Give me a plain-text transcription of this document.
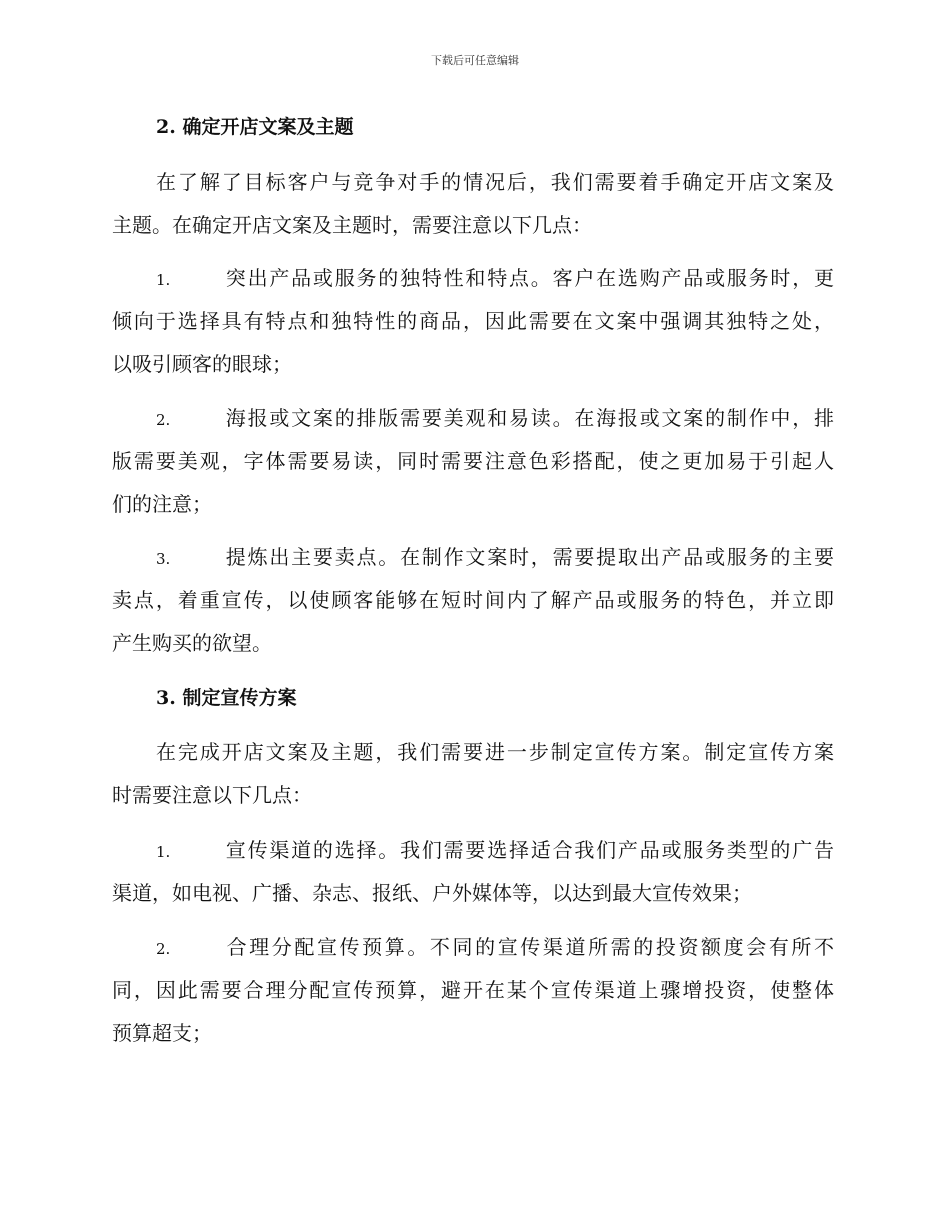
下载后可任意编辑
2. 确定开店文案及主题
在了解了目标客户与竞争对手的情况后，我们需要着手确定开店文案及
主题。在确定开店文案及主题时，需要注意以下几点：
1.	突出产品或服务的独特性和特点。客户在选购产品或服务时，更
倾向于选择具有特点和独特性的商品，因此需要在文案中强调其独特之处，
以吸引顾客的眼球；
2.	海报或文案的排版需要美观和易读。在海报或文案的制作中，排
版需要美观，字体需要易读，同时需要注意色彩搭配，使之更加易于引起人
们的注意；
3.	提炼出主要卖点。在制作文案时，需要提取出产品或服务的主要
卖点，着重宣传，以使顾客能够在短时间内了解产品或服务的特色，并立即
产生购买的欲望。
3. 制定宣传方案
在完成开店文案及主题，我们需要进一步制定宣传方案。制定宣传方案
时需要注意以下几点：
1.	宣传渠道的选择。我们需要选择适合我们产品或服务类型的广告
渠道，如电视、广播、杂志、报纸、户外媒体等，以达到最大宣传效果；
2.	合理分配宣传预算。不同的宣传渠道所需的投资额度会有所不
同，因此需要合理分配宣传预算，避开在某个宣传渠道上骤增投资，使整体
预算超支；
